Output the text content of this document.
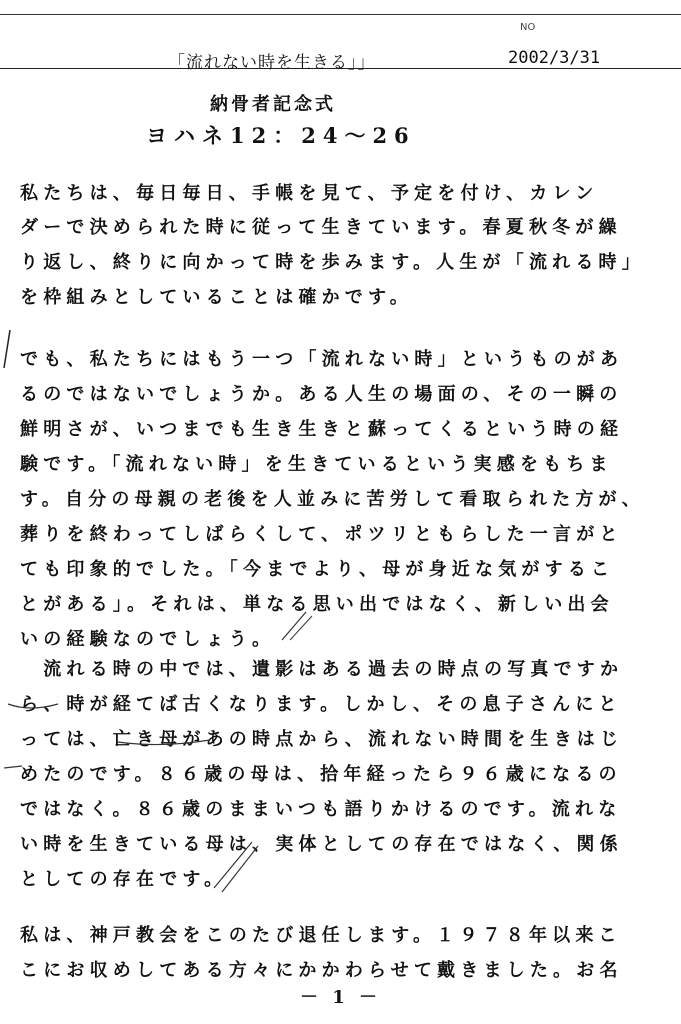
NO
「流れない時を生きる」」	2002/3/31
納骨者記念式
ヨハネ12：24～26
私たちは、毎日毎日、手帳を見て、予定を付け、カレン
ダーで決められた時に従って生きています。春夏秋冬が繰
り返し、終りに向かって時を歩みます。人生が「流れる時」
を枠組みとしていることは確かです。
でも、私たちにはもう一つ「流れない時」というものがあ
るのではないでしょうか。ある人生の場面の、その一瞬の
鮮明さが、いつまでも生き生きと蘇ってくるという時の経
験です。「流れない時」を生きているという実感をもちま
す。自分の母親の老後を人並みに苦労して看取られた方が、
葬りを終わってしばらくして、ポツリともらした一言がと
ても印象的でした。「今までより、母が身近な気がするこ
とがある」。それは、単なる思い出ではなく、新しい出会
いの経験なのでしょう。
　流れる時の中では、遺影はある過去の時点の写真ですか
ら、時が経てば古くなります。しかし、その息子さんにと
っては、亡き母があの時点から、流れない時間を生きはじ
めたのです。８６歳の母は、拾年経ったら９６歳になるの
ではなく。８６歳のままいつも語りかけるのです。流れな
い時を生きている母は、実体としての存在ではなく、関係
としての存在です。
私は、神戸教会をこのたび退任します。１９７８年以来こ
こにお収めしてある方々にかかわらせて戴きました。お名
－ 1 －
